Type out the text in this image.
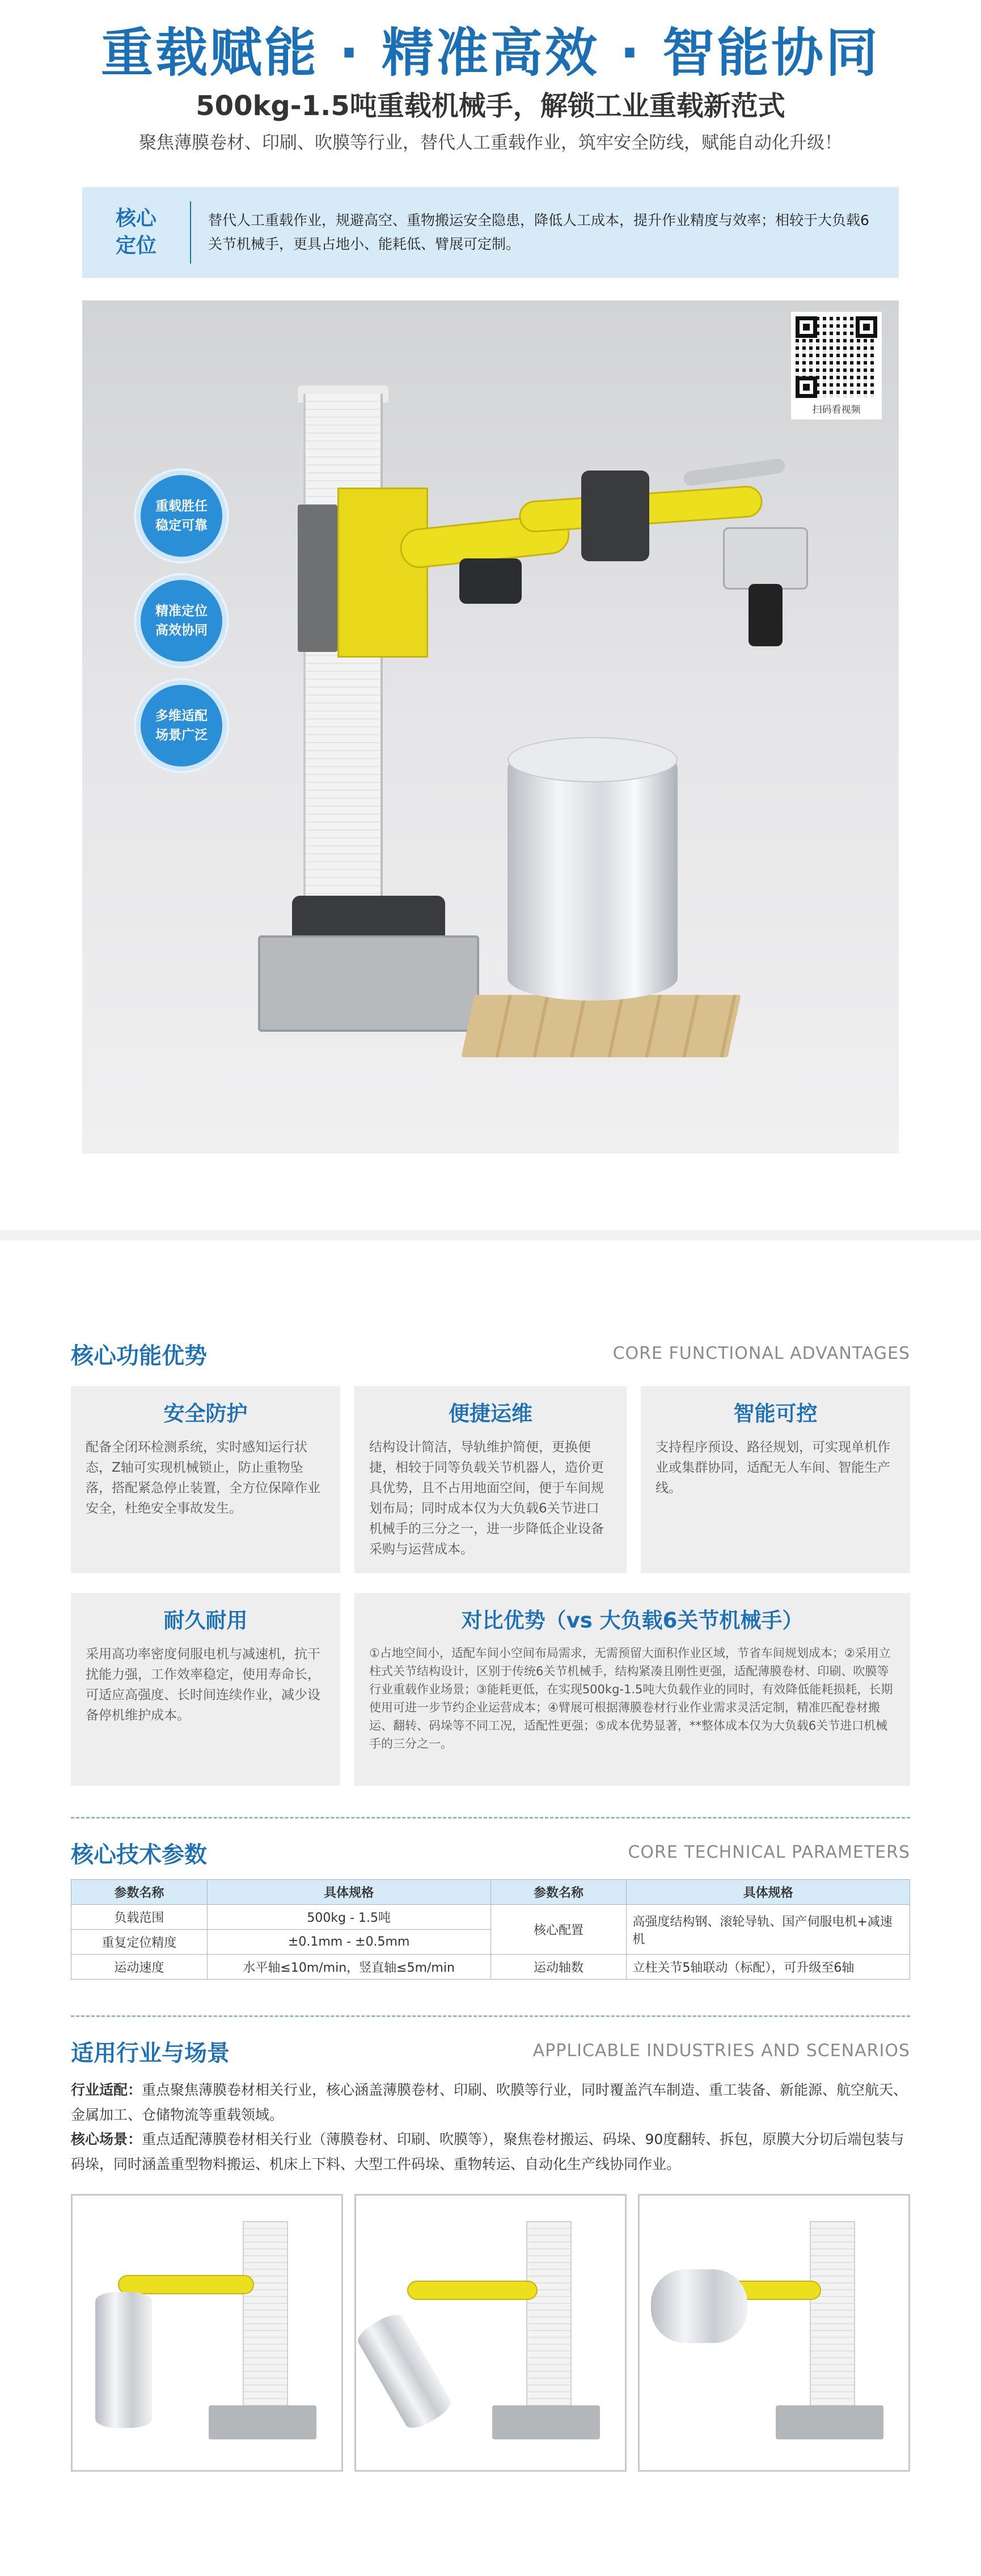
重载赋能 · 精准高效 · 智能协同
500kg-1.5吨重载机械手，解锁工业重载新范式
聚焦薄膜卷材、印刷、吹膜等行业，替代人工重载作业，筑牢安全防线，赋能自动化升级！
核心
定位
替代人工重载作业，规避高空、重物搬运安全隐患，降低人工成本，提升作业精度与效率；相较于大负载6关节机械手，更具占地小、能耗低、臂展可定制。
重载胜任
稳定可靠
精准定位
高效协同
多维适配
场景广泛
扫码看视频
核心功能优势	CORE FUNCTIONAL ADVANTAGES
安全防护
配备全闭环检测系统，实时感知运行状态，Z轴可实现机械锁止，防止重物坠落，搭配紧急停止装置，全方位保障作业安全，杜绝安全事故发生。
便捷运维
结构设计简洁，导轨维护简便，更换便捷，相较于同等负载关节机器人，造价更具优势，且不占用地面空间，便于车间规划布局；同时成本仅为大负载6关节进口机械手的三分之一，进一步降低企业设备采购与运营成本。
智能可控
支持程序预设、路径规划，可实现单机作业或集群协同，适配无人车间、智能生产线。
耐久耐用
采用高功率密度伺服电机与减速机，抗干扰能力强，工作效率稳定，使用寿命长，可适应高强度、长时间连续作业，减少设备停机维护成本。
对比优势（vs 大负载6关节机械手）
①占地空间小，适配车间小空间布局需求，无需预留大面积作业区域，节省车间规划成本；②采用立柱式关节结构设计，区别于传统6关节机械手，结构紧凑且刚性更强，适配薄膜卷材、印刷、吹膜等行业重载作业场景；③能耗更低，在实现500kg-1.5吨大负载作业的同时，有效降低能耗损耗，长期使用可进一步节约企业运营成本；④臂展可根据薄膜卷材行业作业需求灵活定制，精准匹配卷材搬运、翻转、码垛等不同工况，适配性更强；⑤成本优势显著，**整体成本仅为大负载6关节进口机械手的三分之一。
核心技术参数	CORE TECHNICAL PARAMETERS
参数名称	具体规格	参数名称	具体规格
负载范围	500kg - 1.5吨	核心配置	高强度结构钢、滚轮导轨、国产伺服电机+减速机
重复定位精度	±0.1mm - ±0.5mm		
运动速度	水平轴≤10m/min，竖直轴≤5m/min	运动轴数	立柱关节5轴联动（标配），可升级至6轴
适用行业与场景	APPLICABLE INDUSTRIES AND SCENARIOS
行业适配：重点聚焦薄膜卷材相关行业，核心涵盖薄膜卷材、印刷、吹膜等行业，同时覆盖汽车制造、重工装备、新能源、航空航天、金属加工、仓储物流等重载领域。
核心场景：重点适配薄膜卷材相关行业（薄膜卷材、印刷、吹膜等），聚焦卷材搬运、码垛、90度翻转、拆包，原膜大分切后端包装与码垛，同时涵盖重型物料搬运、机床上下料、大型工件码垛、重物转运、自动化生产线协同作业。
